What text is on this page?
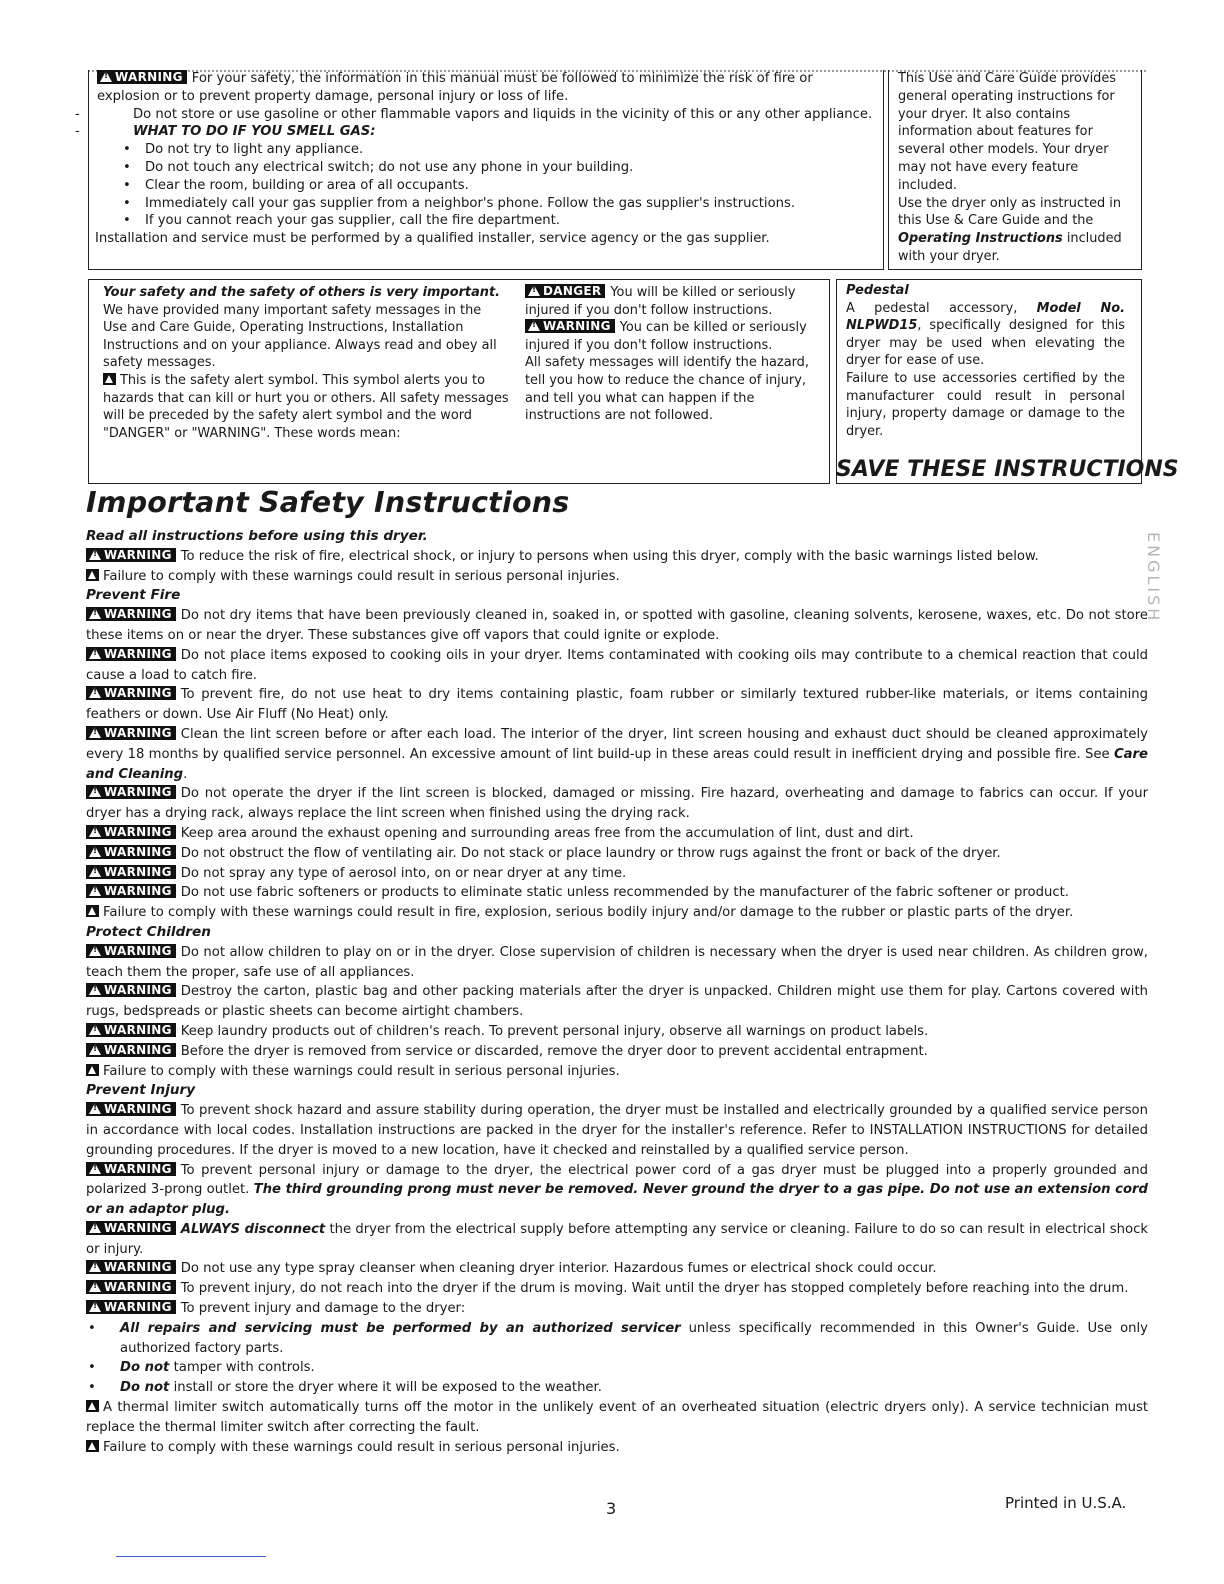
!WARNING For your safety, the information in this manual must be followed to minimize the risk of fire or explosion or to prevent property damage, personal injury or loss of life.
-	Do not store or use gasoline or other flammable vapors and liquids in the vicinity of this or any other appliance.
-	WHAT TO DO IF YOU SMELL GAS:
• Do not try to light any appliance.
• Do not touch any electrical switch; do not use any phone in your building.
• Clear the room, building or area of all occupants.
• Immediately call your gas supplier from a neighbor's phone. Follow the gas supplier's instructions.
• If you cannot reach your gas supplier, call the fire department.
Installation and service must be performed by a qualified installer, service agency or the gas supplier.
This Use and Care Guide provides general operating instructions for your dryer. It also contains information about features for several other models. Your dryer may not have every feature included.
Use the dryer only as instructed in this Use & Care Guide and the Operating Instructions included with your dryer.
Your safety and the safety of others is very important.
We have provided many important safety messages in the Use and Care Guide, Operating Instructions, Installation Instructions and on your appliance. Always read and obey all safety messages.
This is the safety alert symbol. This symbol alerts you to hazards that can kill or hurt you or others. All safety messages will be preceded by the safety alert symbol and the word "DANGER" or "WARNING". These words mean:
!DANGER You will be killed or seriously injured if you don't follow instructions.
!WARNING You can be killed or seriously injured if you don't follow instructions.
All safety messages will identify the hazard, tell you how to reduce the chance of injury, and tell you what can happen if the instructions are not followed.
Pedestal
A pedestal accessory, Model No. NLPWD15, specifically designed for this dryer may be used when elevating the dryer for ease of use.
Failure to use accessories certified by the manufacturer could result in personal injury, property damage or damage to the dryer.
SAVE THESE INSTRUCTIONS
Important Safety Instructions
Read all instructions before using this dryer.
!WARNING To reduce the risk of fire, electrical shock, or injury to persons when using this dryer, comply with the basic warnings listed below.
Failure to comply with these warnings could result in serious personal injuries.
Prevent Fire
!WARNING Do not dry items that have been previously cleaned in, soaked in, or spotted with gasoline, cleaning solvents, kerosene, waxes, etc. Do not store these items on or near the dryer. These substances give off vapors that could ignite or explode.
!WARNING Do not place items exposed to cooking oils in your dryer. Items contaminated with cooking oils may contribute to a chemical reaction that could cause a load to catch fire.
!WARNING To prevent fire, do not use heat to dry items containing plastic, foam rubber or similarly textured rubber-like materials, or items containing feathers or down. Use Air Fluff (No Heat) only.
!WARNING Clean the lint screen before or after each load. The interior of the dryer, lint screen housing and exhaust duct should be cleaned approximately every 18 months by qualified service personnel. An excessive amount of lint build-up in these areas could result in inefficient drying and possible fire. See Care and Cleaning.
!WARNING Do not operate the dryer if the lint screen is blocked, damaged or missing. Fire hazard, overheating and damage to fabrics can occur. If your dryer has a drying rack, always replace the lint screen when finished using the drying rack.
!WARNING Keep area around the exhaust opening and surrounding areas free from the accumulation of lint, dust and dirt.
!WARNING Do not obstruct the flow of ventilating air. Do not stack or place laundry or throw rugs against the front or back of the dryer.
!WARNING Do not spray any type of aerosol into, on or near dryer at any time.
!WARNING Do not use fabric softeners or products to eliminate static unless recommended by the manufacturer of the fabric softener or product.
Failure to comply with these warnings could result in fire, explosion, serious bodily injury and/or damage to the rubber or plastic parts of the dryer.
Protect Children
!WARNING Do not allow children to play on or in the dryer. Close supervision of children is necessary when the dryer is used near children. As children grow, teach them the proper, safe use of all appliances.
!WARNING Destroy the carton, plastic bag and other packing materials after the dryer is unpacked. Children might use them for play. Cartons covered with rugs, bedspreads or plastic sheets can become airtight chambers.
!WARNING Keep laundry products out of children's reach. To prevent personal injury, observe all warnings on product labels.
!WARNING Before the dryer is removed from service or discarded, remove the dryer door to prevent accidental entrapment.
Failure to comply with these warnings could result in serious personal injuries.
Prevent Injury
!WARNING To prevent shock hazard and assure stability during operation, the dryer must be installed and electrically grounded by a qualified service person in accordance with local codes. Installation instructions are packed in the dryer for the installer's reference. Refer to INSTALLATION INSTRUCTIONS for detailed grounding procedures. If the dryer is moved to a new location, have it checked and reinstalled by a qualified service person.
!WARNING To prevent personal injury or damage to the dryer, the electrical power cord of a gas dryer must be plugged into a properly grounded and polarized 3-prong outlet. The third grounding prong must never be removed. Never ground the dryer to a gas pipe. Do not use an extension cord or an adaptor plug.
!WARNING ALWAYS disconnect the dryer from the electrical supply before attempting any service or cleaning. Failure to do so can result in electrical shock or injury.
!WARNING Do not use any type spray cleanser when cleaning dryer interior. Hazardous fumes or electrical shock could occur.
!WARNING To prevent injury, do not reach into the dryer if the drum is moving. Wait until the dryer has stopped completely before reaching into the drum.
!WARNING To prevent injury and damage to the dryer:
• All repairs and servicing must be performed by an authorized servicer unless specifically recommended in this Owner's Guide. Use only authorized factory parts.
• Do not tamper with controls.
• Do not install or store the dryer where it will be exposed to the weather.
A thermal limiter switch automatically turns off the motor in the unlikely event of an overheated situation (electric dryers only). A service technician must replace the thermal limiter switch after correcting the fault.
Failure to comply with these warnings could result in serious personal injuries.
ENGLISH
3	Printed in U.S.A.
